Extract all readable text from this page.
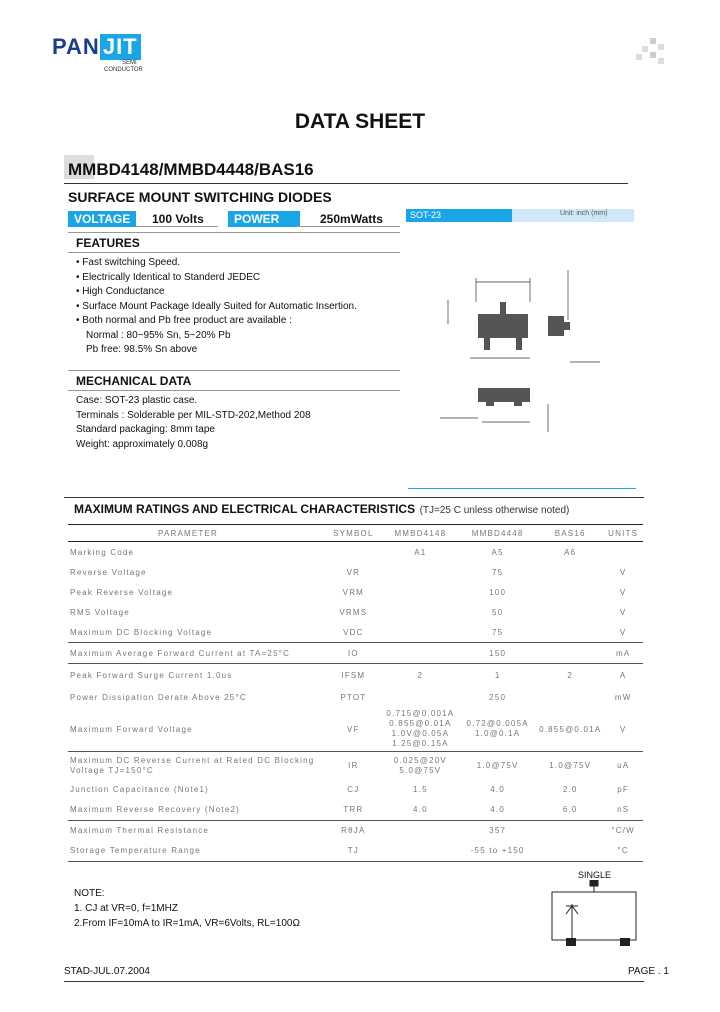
PAN JIT
SEMI
CONDUCTOR
DATA SHEET
MMBD4148/MMBD4448/BAS16
SURFACE MOUNT SWITCHING DIODES
VOLTAGE	100 Volts	POWER	250mWatts	SOT-23	Unit: inch (mm)
FEATURES
• Fast switching Speed.
• Electrically Identical to Standerd JEDEC
• High Conductance
• Surface Mount Package Ideally Suited for Automatic Insertion.
• Both normal and Pb free product are available :
Normal : 80~95% Sn, 5~20% Pb
Pb free: 98.5% Sn above
MECHANICAL DATA
Case: SOT-23 plastic case.
Terminals : Solderable per MIL-STD-202,Method 208
Standard packaging: 8mm tape
Weight: approximately 0.008g
MAXIMUM RATINGS AND ELECTRICAL CHARACTERISTICS (TJ=25 C unless otherwise noted)
PARAMETER	SYMBOL	MMBD4148	MMBD4448	BAS16	UNITS
Marking Code		A1	A5	A6	
Reverse Voltage	VR		75		V
Peak Reverse Voltage	VRM		100		V
RMS Voltage	VRMS		50		V
Maximum DC Blocking Voltage	VDC		75		V
Maximum Average Forward Current at TA=25°C	IO		150		mA
Peak Forward Surge Current 1.0us	IFSM	2	1	2	A
Power Dissipation Derate Above 25°C	PTOT		250		mW
Maximum Forward Voltage	VF	0.715@0.001A 0.855@0.01A 1.0V@0.05A 1.25@0.15A	0.72@0.005A 1.0@0.1A	0.855@0.01A	V
Maximum DC Reverse Current at Rated DC Blocking Voltage TJ=150°C	IR	0.025@20V 5.0@75V	1.0@75V	1.0@75V	uA
Junction Capacitance (Note1)	CJ	1.5	4.0	2.0	pF
Maximum Reverse Recovery (Note2)	TRR	4.0	4.0	6.0	nS
Maximum Thermal Resistance	RθJA		357		°C/W
Storage Temperature Range	TJ		-55 to +150		°C
NOTE:
1. CJ at VR=0, f=1MHZ
2.From IF=10mA to IR=1mA, VR=6Volts, RL=100Ω
SINGLE
STAD-JUL.07.2004	PAGE . 1
